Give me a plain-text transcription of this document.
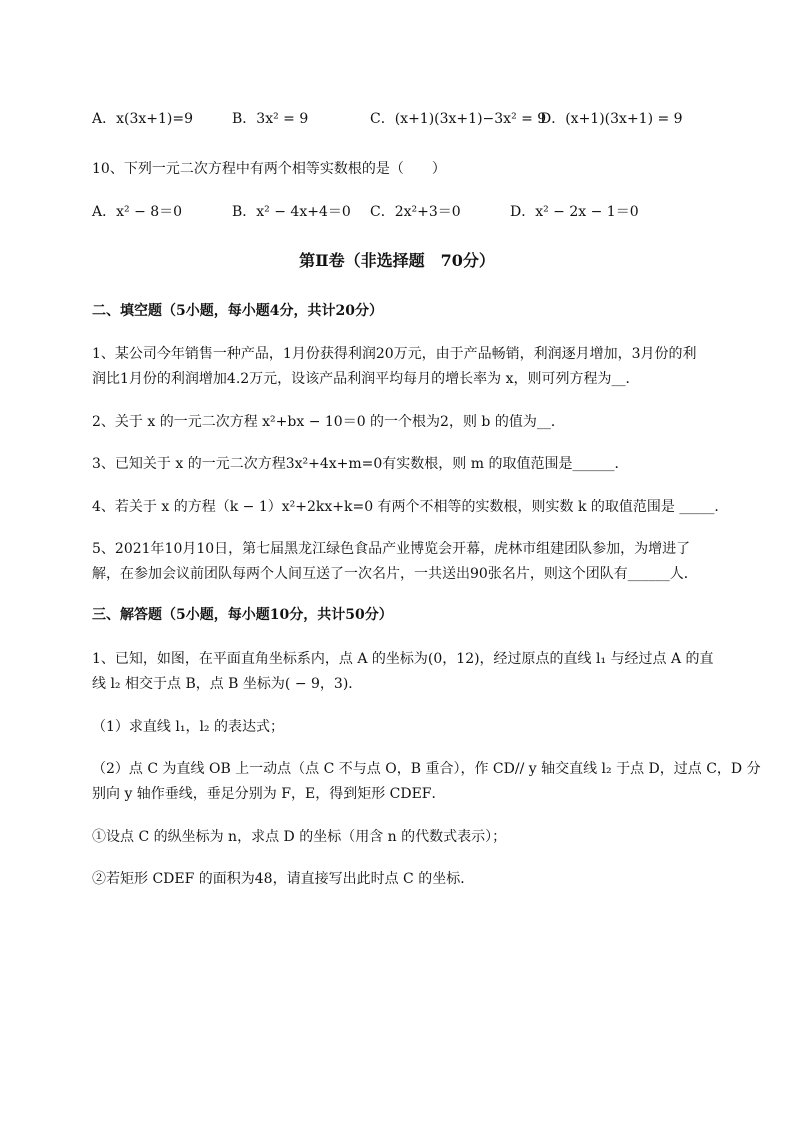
A．x(3x+1)=9	B．3x² = 9	C．(x+1)(3x+1)−3x² = 9
D．(x+1)(3x+1) = 9
10、下列一元二次方程中有两个相等实数根的是（　　）
A．x² − 8＝0	B．x² − 4x+4＝0 C．2x²+3＝0	D．x² − 2x − 1＝0
第Ⅱ卷（非选择题　70分）
二、填空题（5小题，每小题4分，共计20分）
1、某公司今年销售一种产品，1月份获得利润20万元，由于产品畅销，利润逐月增加，3月份的利
润比1月份的利润增加4.2万元，设该产品利润平均每月的增长率为 x，则可列方程为__．
2、关于 x 的一元二次方程 x²+bx − 10＝0 的一个根为2，则 b 的值为__．
3、已知关于 x 的一元二次方程3x²+4x+m=0有实数根，则 m 的取值范围是______．
4、若关于 x 的方程（k − 1）x²+2kx+k=0 有两个不相等的实数根，则实数 k 的取值范围是 _____．
5、2021年10月10日，第七届黑龙江绿色食品产业博览会开幕，虎林市组建团队参加，为增进了
解，在参加会议前团队每两个人间互送了一次名片，一共送出90张名片，则这个团队有______人．
三、解答题（5小题，每小题10分，共计50分）
1、已知，如图，在平面直角坐标系内，点 A 的坐标为(0，12)，经过原点的直线 l₁ 与经过点 A 的直
线 l₂ 相交于点 B，点 B 坐标为( − 9，3)．
（1）求直线 l₁，l₂ 的表达式；
（2）点 C 为直线 OB 上一动点（点 C 不与点 O，B 重合），作 CD// y 轴交直线 l₂ 于点 D，过点 C，D 分
别向 y 轴作垂线，垂足分别为 F，E，得到矩形 CDEF．
①设点 C 的纵坐标为 n，求点 D 的坐标（用含 n 的代数式表示）；
②若矩形 CDEF 的面积为48，请直接写出此时点 C 的坐标．
